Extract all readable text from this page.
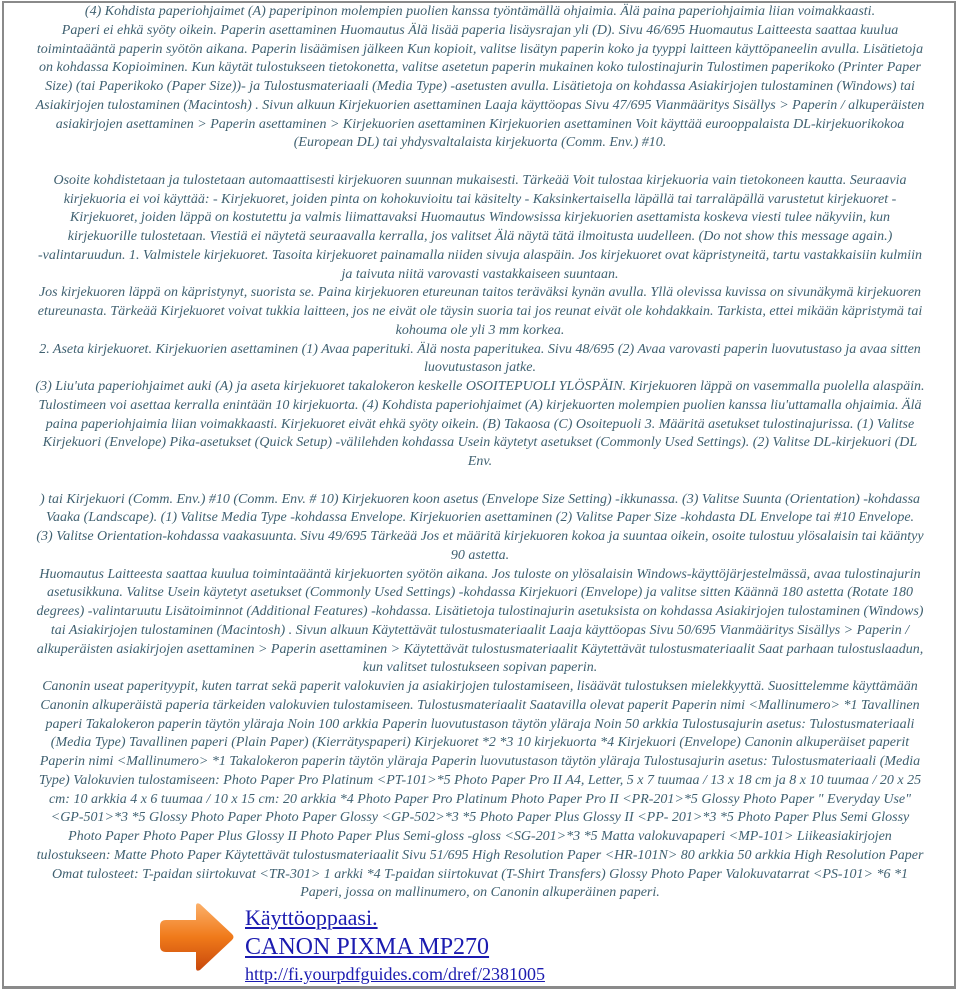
(4) Kohdista paperiohjaimet (A) paperipinon molempien puolien kanssa työntämällä ohjaimia. Älä paina paperiohjaimia liian voimakkaasti.
Paperi ei ehkä syöty oikein. Paperin asettaminen Huomautus Älä lisää paperia lisäysrajan yli (D). Sivu 46/695 Huomautus Laitteesta saattaa kuulua
toimintaääntä paperin syötön aikana. Paperin lisäämisen jälkeen Kun kopioit, valitse lisätyn paperin koko ja tyyppi laitteen käyttöpaneelin avulla. Lisätietoja
on kohdassa Kopioiminen. Kun käytät tulostukseen tietokonetta, valitse asetetun paperin mukainen koko tulostinajurin Tulostimen paperikoko (Printer Paper
Size) (tai Paperikoko (Paper Size))- ja Tulostusmateriaali (Media Type) -asetusten avulla. Lisätietoja on kohdassa Asiakirjojen tulostaminen (Windows) tai
Asiakirjojen tulostaminen (Macintosh) . Sivun alkuun Kirjekuorien asettaminen Laaja käyttöopas Sivu 47/695 Vianmääritys Sisällys > Paperin / alkuperäisten
asiakirjojen asettaminen > Paperin asettaminen > Kirjekuorien asettaminen Kirjekuorien asettaminen Voit käyttää eurooppalaista DL-kirjekuorikokoa
(European DL) tai yhdysvaltalaista kirjekuorta (Comm. Env.) #10.
Osoite kohdistetaan ja tulostetaan automaattisesti kirjekuoren suunnan mukaisesti. Tärkeää Voit tulostaa kirjekuoria vain tietokoneen kautta. Seuraavia
kirjekuoria ei voi käyttää: - Kirjekuoret, joiden pinta on kohokuvioitu tai käsitelty - Kaksinkertaisella läpällä tai tarraläpällä varustetut kirjekuoret -
Kirjekuoret, joiden läppä on kostutettu ja valmis liimattavaksi Huomautus Windowsissa kirjekuorien asettamista koskeva viesti tulee näkyviin, kun
kirjekuorille tulostetaan. Viestiä ei näytetä seuraavalla kerralla, jos valitset Älä näytä tätä ilmoitusta uudelleen. (Do not show this message again.)
-valintaruudun. 1. Valmistele kirjekuoret. Tasoita kirjekuoret painamalla niiden sivuja alaspäin. Jos kirjekuoret ovat käpristyneitä, tartu vastakkaisiin kulmiin
ja taivuta niitä varovasti vastakkaiseen suuntaan.
Jos kirjekuoren läppä on käpristynyt, suorista se. Paina kirjekuoren etureunan taitos teräväksi kynän avulla. Yllä olevissa kuvissa on sivunäkymä kirjekuoren
etureunasta. Tärkeää Kirjekuoret voivat tukkia laitteen, jos ne eivät ole täysin suoria tai jos reunat eivät ole kohdakkain. Tarkista, ettei mikään käpristymä tai
kohouma ole yli 3 mm korkea.
2. Aseta kirjekuoret. Kirjekuorien asettaminen (1) Avaa paperituki. Älä nosta paperitukea. Sivu 48/695 (2) Avaa varovasti paperin luovutustaso ja avaa sitten
luovutustason jatke.
(3) Liu'uta paperiohjaimet auki (A) ja aseta kirjekuoret takalokeron keskelle OSOITEPUOLI YLÖSPÄIN. Kirjekuoren läppä on vasemmalla puolella alaspäin.
Tulostimeen voi asettaa kerralla enintään 10 kirjekuorta. (4) Kohdista paperiohjaimet (A) kirjekuorten molempien puolien kanssa liu'uttamalla ohjaimia. Älä
paina paperiohjaimia liian voimakkaasti. Kirjekuoret eivät ehkä syöty oikein. (B) Takaosa (C) Osoitepuoli 3. Määritä asetukset tulostinajurissa. (1) Valitse
Kirjekuori (Envelope) Pika-asetukset (Quick Setup) -välilehden kohdassa Usein käytetyt asetukset (Commonly Used Settings). (2) Valitse DL-kirjekuori (DL
Env.
) tai Kirjekuori (Comm. Env.) #10 (Comm. Env. # 10) Kirjekuoren koon asetus (Envelope Size Setting) -ikkunassa. (3) Valitse Suunta (Orientation) -kohdassa
Vaaka (Landscape). (1) Valitse Media Type -kohdassa Envelope. Kirjekuorien asettaminen (2) Valitse Paper Size -kohdasta DL Envelope tai #10 Envelope.
(3) Valitse Orientation-kohdassa vaakasuunta. Sivu 49/695 Tärkeää Jos et määritä kirjekuoren kokoa ja suuntaa oikein, osoite tulostuu ylösalaisin tai kääntyy
90 astetta.
Huomautus Laitteesta saattaa kuulua toimintaääntä kirjekuorten syötön aikana. Jos tuloste on ylösalaisin Windows-käyttöjärjestelmässä, avaa tulostinajurin
asetusikkuna. Valitse Usein käytetyt asetukset (Commonly Used Settings) -kohdassa Kirjekuori (Envelope) ja valitse sitten Käännä 180 astetta (Rotate 180
degrees) -valintaruutu Lisätoiminnot (Additional Features) -kohdassa. Lisätietoja tulostinajurin asetuksista on kohdassa Asiakirjojen tulostaminen (Windows)
tai Asiakirjojen tulostaminen (Macintosh) . Sivun alkuun Käytettävät tulostusmateriaalit Laaja käyttöopas Sivu 50/695 Vianmääritys Sisällys > Paperin /
alkuperäisten asiakirjojen asettaminen > Paperin asettaminen > Käytettävät tulostusmateriaalit Käytettävät tulostusmateriaalit Saat parhaan tulostuslaadun,
kun valitset tulostukseen sopivan paperin.
Canonin useat paperityypit, kuten tarrat sekä paperit valokuvien ja asiakirjojen tulostamiseen, lisäävät tulostuksen mielekkyyttä. Suosittelemme käyttämään
Canonin alkuperäistä paperia tärkeiden valokuvien tulostamiseen. Tulostusmateriaalit Saatavilla olevat paperit Paperin nimi <Mallinumero> *1 Tavallinen
paperi Takalokeron paperin täytön yläraja Noin 100 arkkia Paperin luovutustason täytön yläraja Noin 50 arkkia Tulostusajurin asetus: Tulostusmateriaali
(Media Type) Tavallinen paperi (Plain Paper) (Kierrätyspaperi) Kirjekuoret *2 *3 10 kirjekuorta *4 Kirjekuori (Envelope) Canonin alkuperäiset paperit
Paperin nimi <Mallinumero> *1 Takalokeron paperin täytön yläraja Paperin luovutustason täytön yläraja Tulostusajurin asetus: Tulostusmateriaali (Media
Type) Valokuvien tulostamiseen: Photo Paper Pro Platinum <PT-101>*5 Photo Paper Pro II A4, Letter, 5 x 7 tuumaa / 13 x 18 cm ja 8 x 10 tuumaa / 20 x 25
cm: 10 arkkia 4 x 6 tuumaa / 10 x 15 cm: 20 arkkia *4 Photo Paper Pro Platinum Photo Paper Pro II <PR-201>*5 Glossy Photo Paper " Everyday Use"
<GP-501>*3 *5 Glossy Photo Paper Photo Paper Glossy <GP-502>*3 *5 Photo Paper Plus Glossy II <PP- 201>*3 *5 Photo Paper Plus Semi Glossy
Photo Paper Photo Paper Plus Glossy II Photo Paper Plus Semi-gloss -gloss <SG-201>*3 *5 Matta valokuvapaperi <MP-101> Liikeasiakirjojen
tulostukseen: Matte Photo Paper Käytettävät tulostusmateriaalit Sivu 51/695 High Resolution Paper <HR-101N> 80 arkkia 50 arkkia High Resolution Paper
Omat tulosteet: T-paidan siirtokuvat <TR-301> 1 arkki *4 T-paidan siirtokuvat (T-Shirt Transfers) Glossy Photo Paper Valokuvatarrat <PS-101> *6 *1
Paperi, jossa on mallinumero, on Canonin alkuperäinen paperi.
Käyttöoppaasi.
CANON PIXMA MP270
http://fi.yourpdfguides.com/dref/2381005
